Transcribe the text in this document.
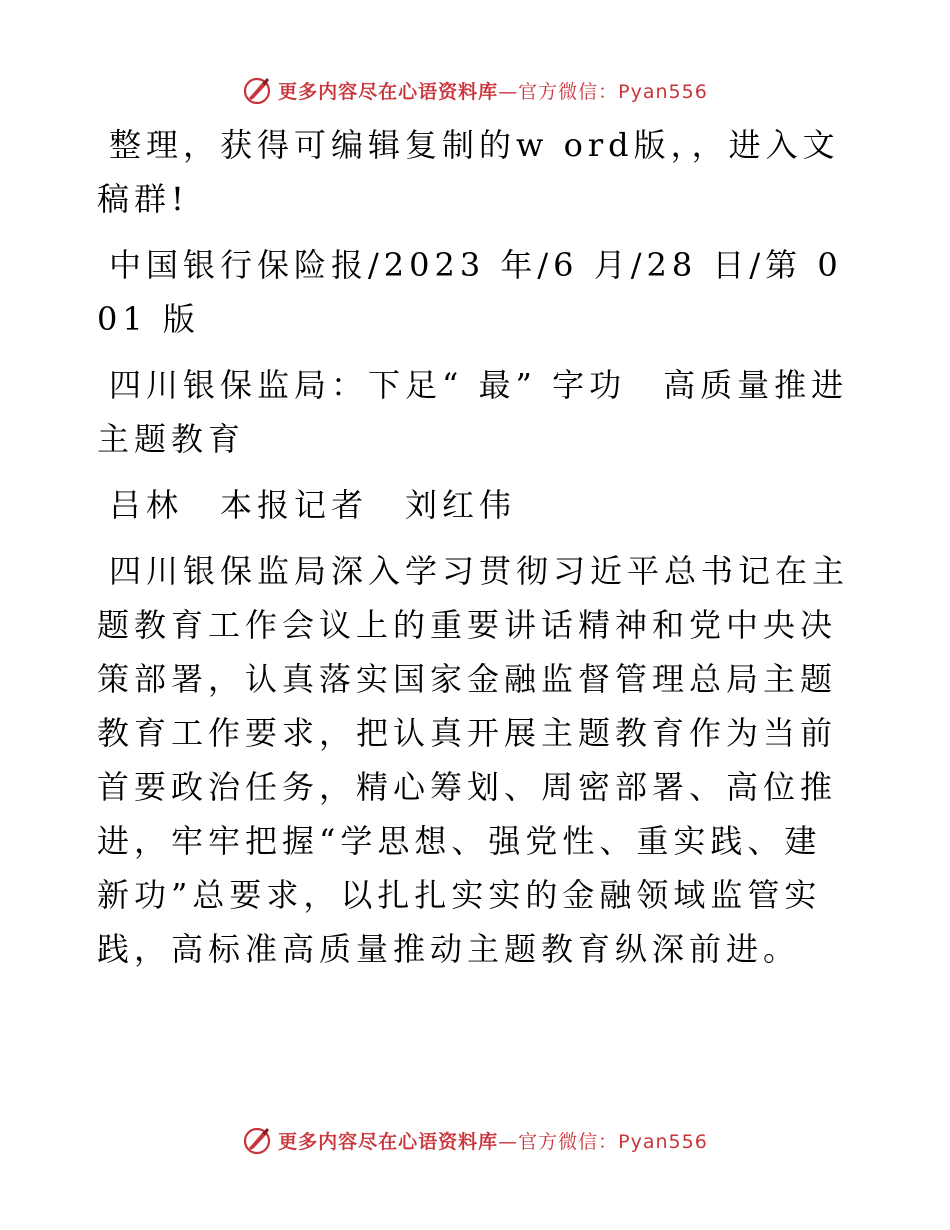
更多内容尽在心语资料库—官方微信：Pyan556

整理，获得可编辑复制的w ord版，，进入文稿群!

中国银行保险报/2023 年/6 月/28 日/第 001 版

四川银保监局：下足“ 最” 字功　高质量推进主题教育

吕林　本报记者　刘红伟

四川银保监局深入学习贯彻习近平总书记在主题教育工作会议上的重要讲话精神和党中央决策部署，认真落实国家金融监督管理总局主题教育工作要求，把认真开展主题教育作为当前首要政治任务，精心筹划、周密部署、高位推进，牢牢把握“学思想、强党性、重实践、建新功”总要求，以扎扎实实的金融领域监管实践，高标准高质量推动主题教育纵深前进。

更多内容尽在心语资料库—官方微信：Pyan556
